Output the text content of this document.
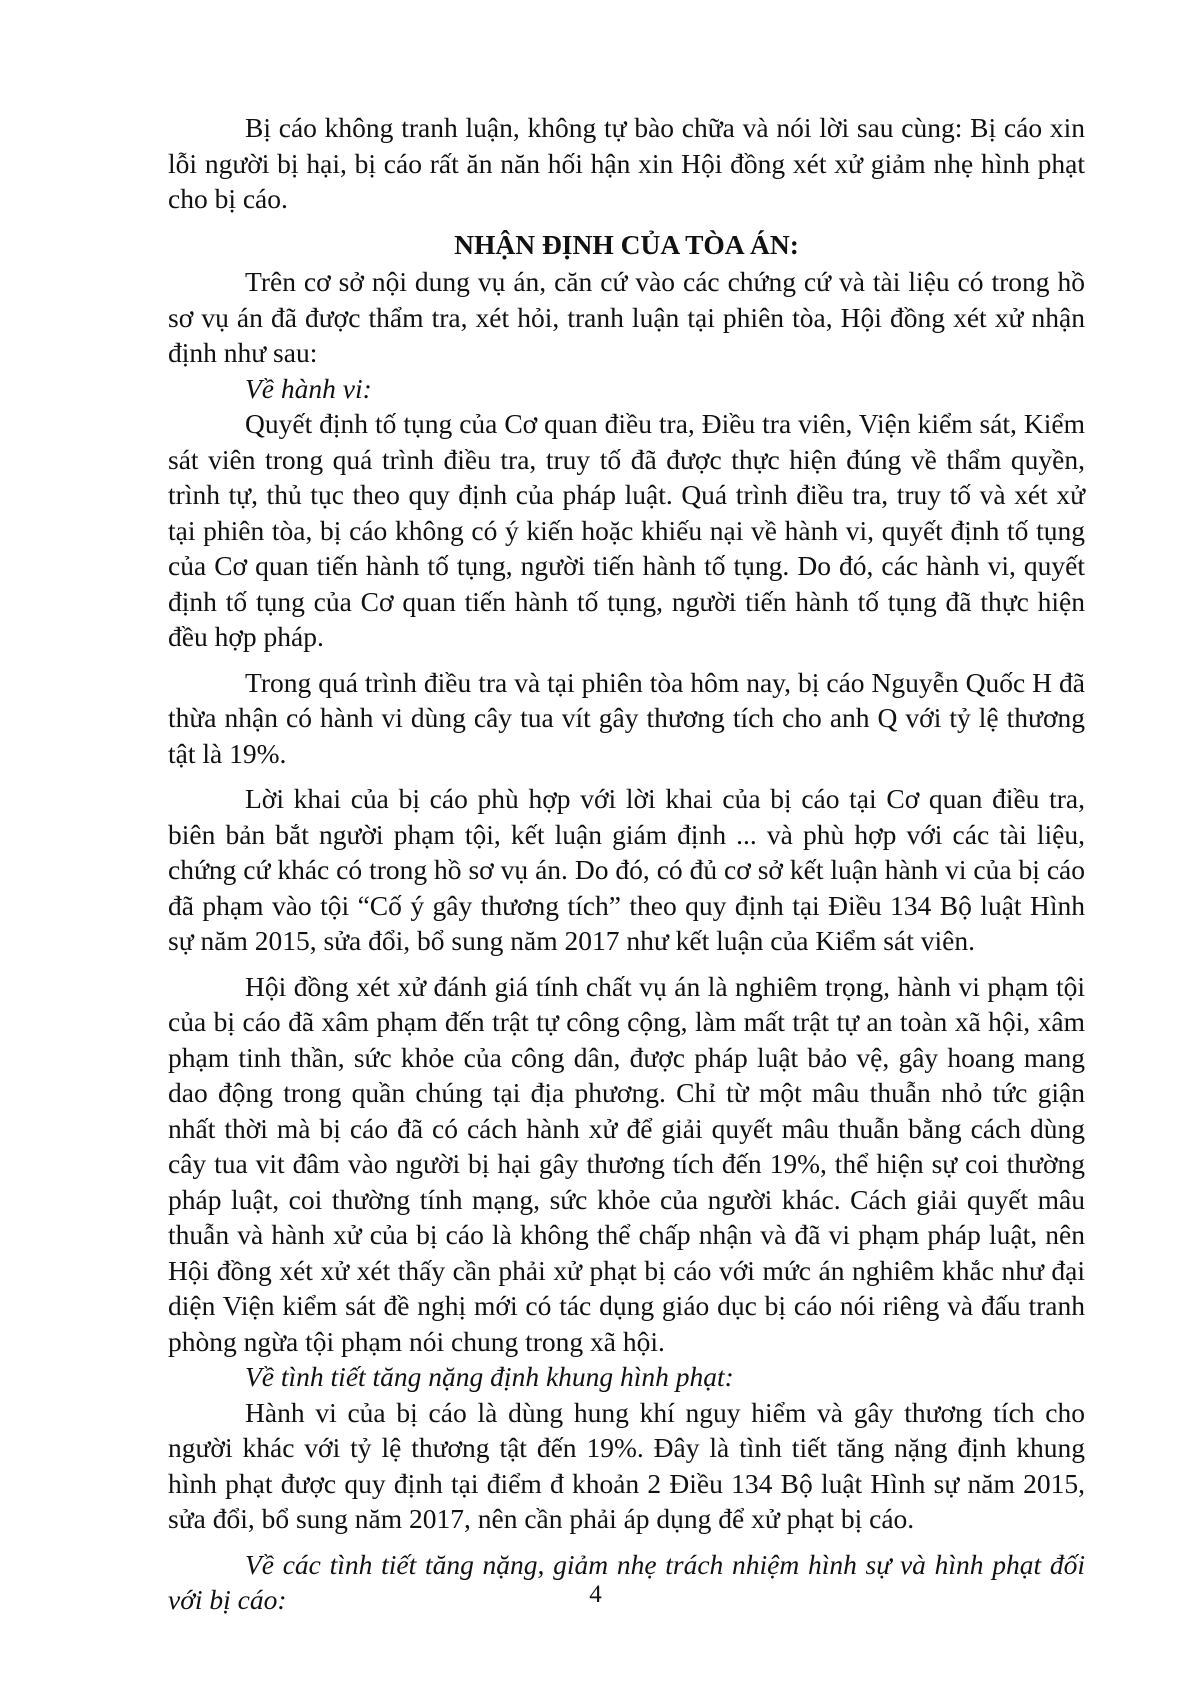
Bị cáo không tranh luận, không tự bào chữa và nói lời sau cùng: Bị cáo xin lỗi người bị hại, bị cáo rất ăn năn hối hận xin Hội đồng xét xử giảm nhẹ hình phạt cho bị cáo.

NHẬN ĐỊNH CỦA TÒA ÁN:

Trên cơ sở nội dung vụ án, căn cứ vào các chứng cứ và tài liệu có trong hồ sơ vụ án đã được thẩm tra, xét hỏi, tranh luận tại phiên tòa, Hội đồng xét xử nhận định như sau:

Về hành vi:

Quyết định tố tụng của Cơ quan điều tra, Điều tra viên, Viện kiểm sát, Kiểm sát viên trong quá trình điều tra, truy tố đã được thực hiện đúng về thẩm quyền, trình tự, thủ tục theo quy định của pháp luật. Quá trình điều tra, truy tố và xét xử tại phiên tòa, bị cáo không có ý kiến hoặc khiếu nại về hành vi, quyết định tố tụng của Cơ quan tiến hành tố tụng, người tiến hành tố tụng. Do đó, các hành vi, quyết định tố tụng của Cơ quan tiến hành tố tụng, người tiến hành tố tụng đã thực hiện đều hợp pháp.

Trong quá trình điều tra và tại phiên tòa hôm nay, bị cáo Nguyễn Quốc H đã thừa nhận có hành vi dùng cây tua vít gây thương tích cho anh Q với tỷ lệ thương tật là 19%.

Lời khai của bị cáo phù hợp với lời khai của bị cáo tại Cơ quan điều tra, biên bản bắt người phạm tội, kết luận giám định ... và phù hợp với các tài liệu, chứng cứ khác có trong hồ sơ vụ án. Do đó, có đủ cơ sở kết luận hành vi của bị cáo đã phạm vào tội “Cố ý gây thương tích” theo quy định tại Điều 134 Bộ luật Hình sự năm 2015, sửa đổi, bổ sung năm 2017 như kết luận của Kiểm sát viên.

Hội đồng xét xử đánh giá tính chất vụ án là nghiêm trọng, hành vi phạm tội của bị cáo đã xâm phạm đến trật tự công cộng, làm mất trật tự an toàn xã hội, xâm phạm tinh thần, sức khỏe của công dân, được pháp luật bảo vệ, gây hoang mang dao động trong quần chúng tại địa phương. Chỉ từ một mâu thuẫn nhỏ tức giận nhất thời mà bị cáo đã có cách hành xử để giải quyết mâu thuẫn bằng cách dùng cây tua vit đâm vào người bị hại gây thương tích đến 19%, thể hiện sự coi thường pháp luật, coi thường tính mạng, sức khỏe của người khác. Cách giải quyết mâu thuẫn và hành xử của bị cáo là không thể chấp nhận và đã vi phạm pháp luật, nên Hội đồng xét xử xét thấy cần phải xử phạt bị cáo với mức án nghiêm khắc như đại diện Viện kiểm sát đề nghị mới có tác dụng giáo dục bị cáo nói riêng và đấu tranh phòng ngừa tội phạm nói chung trong xã hội.

Về tình tiết tăng nặng định khung hình phạt:

Hành vi của bị cáo là dùng hung khí nguy hiểm và gây thương tích cho người khác với tỷ lệ thương tật đến 19%. Đây là tình tiết tăng nặng định khung hình phạt được quy định tại điểm đ khoản 2 Điều 134 Bộ luật Hình sự năm 2015, sửa đổi, bổ sung năm 2017, nên cần phải áp dụng để xử phạt bị cáo.

Về các tình tiết tăng nặng, giảm nhẹ trách nhiệm hình sự và hình phạt đối với bị cáo:	4
